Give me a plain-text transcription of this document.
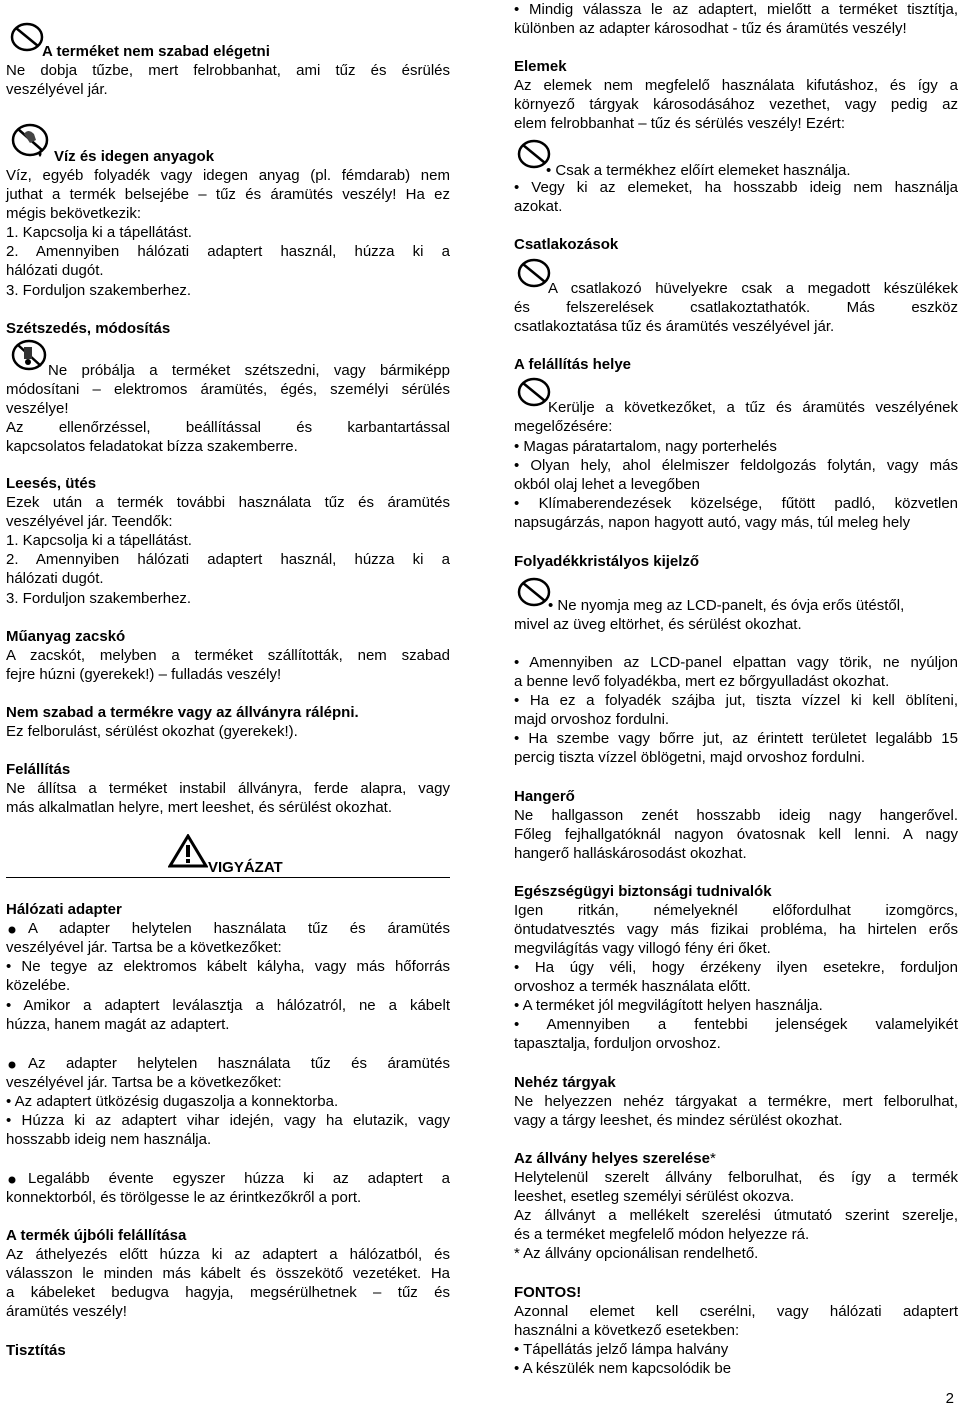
A terméket nem szabad elégetni
Ne dobja tűzbe, mert felrobbanhat, ami tűz és ésrülés
veszélyével jár.
Víz és idegen anyagok
Víz, egyéb folyadék vagy idegen anyag (pl. fémdarab) nem
juthat a termék belsejébe – tűz és áramütés veszély! Ha ez
mégis bekövetkezik:
1. Kapcsolja ki a tápellátást.
2. Amennyiben hálózati adaptert használ, húzza ki a
hálózati dugót.
3. Forduljon szakemberhez.
Szétszedés, módosítás
Ne próbálja a terméket szétszedni, vagy bármiképp
módosítani – elektromos áramütés, égés, személyi sérülés
veszélye!
Az ellenőrzéssel, beállítással és karbantartással
kapcsolatos feladatokat bízza szakemberre.
Leesés, ütés
Ezek után a termék további használata tűz és áramütés
veszélyével jár. Teendők:
1. Kapcsolja ki a tápellátást.
2. Amennyiben hálózati adaptert használ, húzza ki a
hálózati dugót.
3. Forduljon szakemberhez.
Műanyag zacskó
A zacskót, melyben a terméket szállították, nem szabad
fejre húzni (gyerekek!) – fulladás veszély!
Nem szabad a termékre vagy az állványra rálépni.
Ez felborulást, sérülést okozhat (gyerekek!).
Felállítás
Ne állítsa a terméket instabil állványra, ferde alapra, vagy
más alkalmatlan helyre, mert leeshet, és sérülést okozhat.
VIGYÁZAT
Hálózati adapter
A adapter helytelen használata tűz és áramütés
veszélyével jár. Tartsa be a következőket:
• Ne tegye az elektromos kábelt kályha, vagy más hőforrás
közelébe.
• Amikor a adaptert leválasztja a hálózatról, ne a kábelt
húzza, hanem magát az adaptert.
Az adapter helytelen használata tűz és áramütés
veszélyével jár. Tartsa be a következőket:
• Az adaptert ütközésig dugaszolja a konnektorba.
• Húzza ki az adaptert vihar idején, vagy ha elutazik, vagy
hosszabb ideig nem használja.
Legalább évente egyszer húzza ki az adaptert a
konnektorból, és törölgesse le az érintkezőkről a port.
A termék újbóli felállítása
Az áthelyezés előtt húzza ki az adaptert a hálózatból, és
válasszon le minden más kábelt és összekötő vezetéket. Ha
a kábeleket bedugva hagyja, megsérülhetnek – tűz és
áramütés veszély!
Tisztítás
• Mindig válassza le az adaptert, mielőtt a terméket tisztítja,
különben az adapter károsodhat - tűz és áramütés veszély!
Elemek
Az elemek nem megfelelő használata kifutáshoz, és így a
környező tárgyak károsodásához vezethet, vagy pedig az
elem felrobbanhat – tűz és sérülés veszély! Ezért:
• Csak a termékhez előírt elemeket használja.
• Vegy ki az elemeket, ha hosszabb ideig nem használja
azokat.
Csatlakozások
A csatlakozó hüvelyekre csak a megadott készülékek
és felszerelések csatlakoztathatók. Más eszköz
csatlakoztatása tűz és áramütés veszélyével jár.
A felállítás helye
Kerülje a következőket, a tűz és áramütés veszélyének
megelőzésére:
• Magas páratartalom, nagy porterhelés
• Olyan hely, ahol élelmiszer feldolgozás folytán, vagy más
okból olaj lehet a levegőben
• Klímaberendezések közelsége, fűtött padló, közvetlen
napsugárzás, napon hagyott autó, vagy más, túl meleg hely
Folyadékkristályos kijelző
• Ne nyomja meg az LCD-panelt, és óvja erős ütéstől,
mivel az üveg eltörhet, és sérülést okozhat.
• Amennyiben az LCD-panel elpattan vagy törik, ne nyúljon
a benne levő folyadékba, mert ez bőrgyulladást okozhat.
• Ha ez a folyadék szájba jut, tiszta vízzel ki kell öblíteni,
majd orvoshoz fordulni.
• Ha szembe vagy bőrre jut, az érintett területet legalább 15
percig tiszta vízzel öblögetni, majd orvoshoz fordulni.
Hangerő
Ne hallgasson zenét hosszabb ideig nagy hangerővel.
Főleg fejhallgatóknál nagyon óvatosnak kell lenni. A nagy
hangerő halláskárosodást okozhat.
Egészségügyi biztonsági tudnivalók
Igen ritkán, némelyeknél előfordulhat izomgörcs,
öntudatvesztés vagy más fizikai probléma, ha hirtelen erős
megvilágítás vagy villogó fény éri őket.
• Ha úgy véli, hogy érzékeny ilyen esetekre, forduljon
orvoshoz a termék használata előtt.
• A terméket jól megvilágított helyen használja.
• Amennyiben a fentebbi jelenségek valamelyikét
tapasztalja, forduljon orvoshoz.
Nehéz tárgyak
Ne helyezzen nehéz tárgyakat a termékre, mert felborulhat,
vagy a tárgy leeshet, és mindez sérülést okozhat.
Az állvány helyes szerelése*
Helytelenül szerelt állvány felborulhat, és így a termék
leeshet, esetleg személyi sérülést okozva.
Az állványt a mellékelt szerelési útmutató szerint szerelje,
és a terméket megfelelő módon helyezze rá.
* Az állvány opcionálisan rendelhető.
FONTOS!
Azonnal elemet kell cserélni, vagy hálózati adaptert
használni a következő esetekben:
• Tápellátás jelző lámpa halvány
• A készülék nem kapcsolódik be
2
